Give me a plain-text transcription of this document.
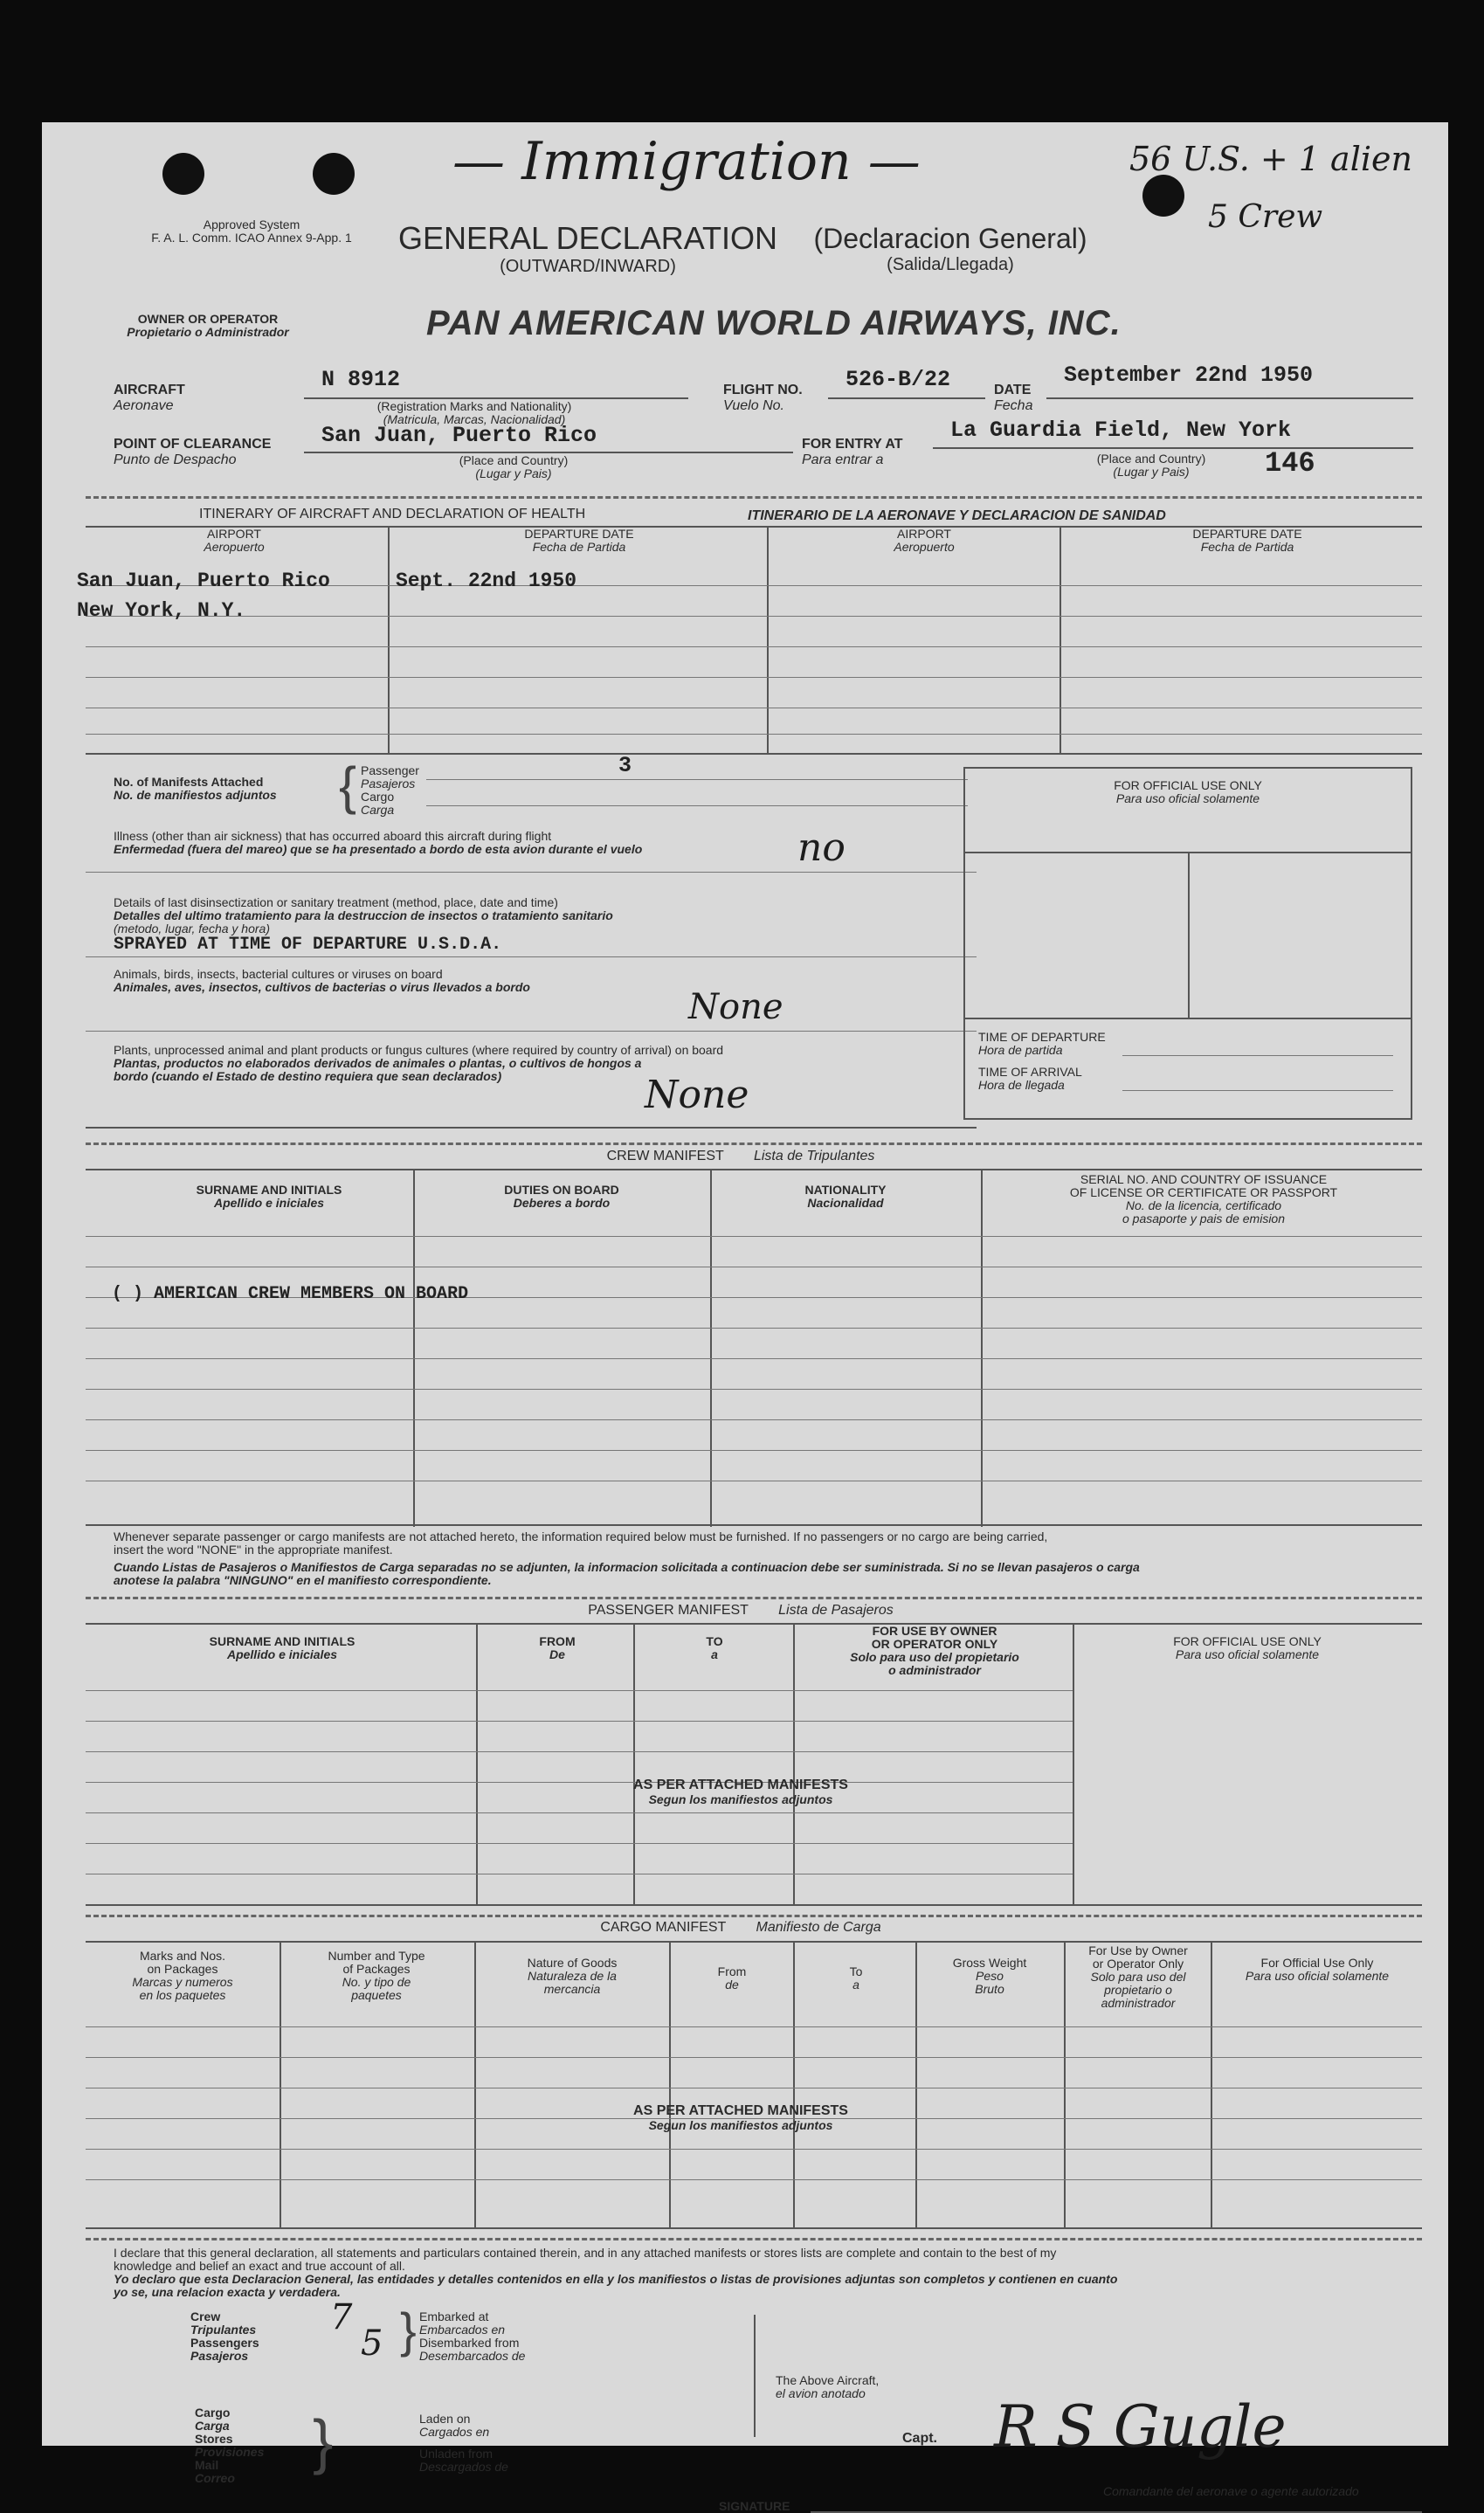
— Immigration —	56 U.S. + 1 alien
5 Crew
Approved System
F. A. L. Comm. ICAO Annex 9-App. 1	GENERAL DECLARATION
(OUTWARD/INWARD)
(Declaracion General)
(Salida/Llegada)
OWNER OR OPERATOR
Propietario o Administrador	PAN AMERICAN WORLD AIRWAYS, INC.
AIRCRAFT
Aeronave
N 8912
(Registration Marks and Nationality)
(Matricula, Marcas, Nacionalidad)
FLIGHT NO.
Vuelo No.
526-B/22	DATE
Fecha
September 22nd 1950
POINT OF CLEARANCE
Punto de Despacho
San Juan, Puerto Rico
(Place and Country)
(Lugar y Pais)
FOR ENTRY AT
Para entrar a
La Guardia Field, New York
(Place and Country)
(Lugar y Pais)	146
ITINERARY OF AIRCRAFT AND DECLARATION OF HEALTH	ITINERARIO DE LA AERONAVE Y DECLARACION DE SANIDAD
AIRPORT
Aeropuerto
DEPARTURE DATE
Fecha de Partida
AIRPORT
Aeropuerto
DEPARTURE DATE
Fecha de Partida
San Juan, Puerto Rico	Sept. 22nd 1950
New York, N.Y.
No. of Manifests Attached
No. de manifiestos adjuntos { Passenger
Pasajeros
Cargo
Carga
3
Illness (other than air sickness) that has occurred aboard this aircraft during flight
Enfermedad (fuera del mareo) que se ha presentado a bordo de esta avion durante el vuelo	no
Details of last disinsectization or sanitary treatment (method, place, date and time)
Detalles del ultimo tratamiento para la destruccion de insectos o tratamiento sanitario
(metodo, lugar, fecha y hora)
SPRAYED AT TIME OF DEPARTURE U.S.D.A.
Animals, birds, insects, bacterial cultures or viruses on board
Animales, aves, insectos, cultivos de bacterias o virus llevados a bordo	None
Plants, unprocessed animal and plant products or fungus cultures (where required by country of arrival) on board
Plantas, productos no elaborados derivados de animales o plantas, o cultivos de hongos a
bordo (cuando el Estado de destino requiera que sean declarados)	None
FOR OFFICIAL USE ONLY
Para uso oficial solamente
TIME OF DEPARTURE
Hora de partida
TIME OF ARRIVAL
Hora de llegada
CREW MANIFEST Lista de Tripulantes
SURNAME AND INITIALS
Apellido e iniciales
DUTIES ON BOARD
Deberes a bordo
NATIONALITY
Nacionalidad
SERIAL NO. AND COUNTRY OF ISSUANCE
OF LICENSE OR CERTIFICATE OR PASSPORT
No. de la licencia, certificado
o pasaporte y pais de emision
( ) AMERICAN CREW MEMBERS ON BOARD
Whenever separate passenger or cargo manifests are not attached hereto, the information required below must be furnished. If no passengers or no cargo are being carried,
insert the word "NONE" in the appropriate manifest.
Cuando Listas de Pasajeros o Manifiestos de Carga separadas no se adjunten, la informacion solicitada a continuacion debe ser suministrada. Si no se llevan pasajeros o carga
anotese la palabra "NINGUNO" en el manifiesto correspondiente.
PASSENGER MANIFEST Lista de Pasajeros
SURNAME AND INITIALS
Apellido e iniciales
FROM
De
TO
a
FOR USE BY OWNER
OR OPERATOR ONLY
Solo para uso del propietario
o administrador
FOR OFFICIAL USE ONLY
Para uso oficial solamente
AS PER ATTACHED MANIFESTS
Segun los manifiestos adjuntos
CARGO MANIFEST Manifiesto de Carga
Marks and Nos.
on Packages
Marcas y numeros
en los paquetes
Number and Type
of Packages
No. y tipo de
paquetes
Nature of Goods
Naturaleza de la
mercancia
From
de
To
a
Gross Weight
Peso
Bruto
For Use by Owner
or Operator Only
Solo para uso del
propietario o
administrador
For Official Use Only
Para uso oficial solamente
AS PER ATTACHED MANIFESTS
Segun los manifiestos adjuntos
I declare that this general declaration, all statements and particulars contained therein, and in any attached manifests or stores lists are complete and contain to the best of my
knowledge and belief an exact and true account of all.
Yo declaro que esta Declaracion General, las entidades y detalles contenidos en ella y los manifiestos o listas de provisiones adjuntas son completos y contienen en cuanto
yo se, una relacion exacta y verdadera.
Crew
Tripulantes
Passengers
Pasajeros
7
5 } Embarked at
Embarcados en
Disembarked from
Desembarcados de
Cargo
Carga
Stores
Provisiones
Mail
Correo
}	Laden on
Cargados en
Unladen from
Descargados de
The Above Aircraft,
el avion anotado
Capt. R S Gugle
Comandante del aeronave o agente autorizado
SIGNATURE
